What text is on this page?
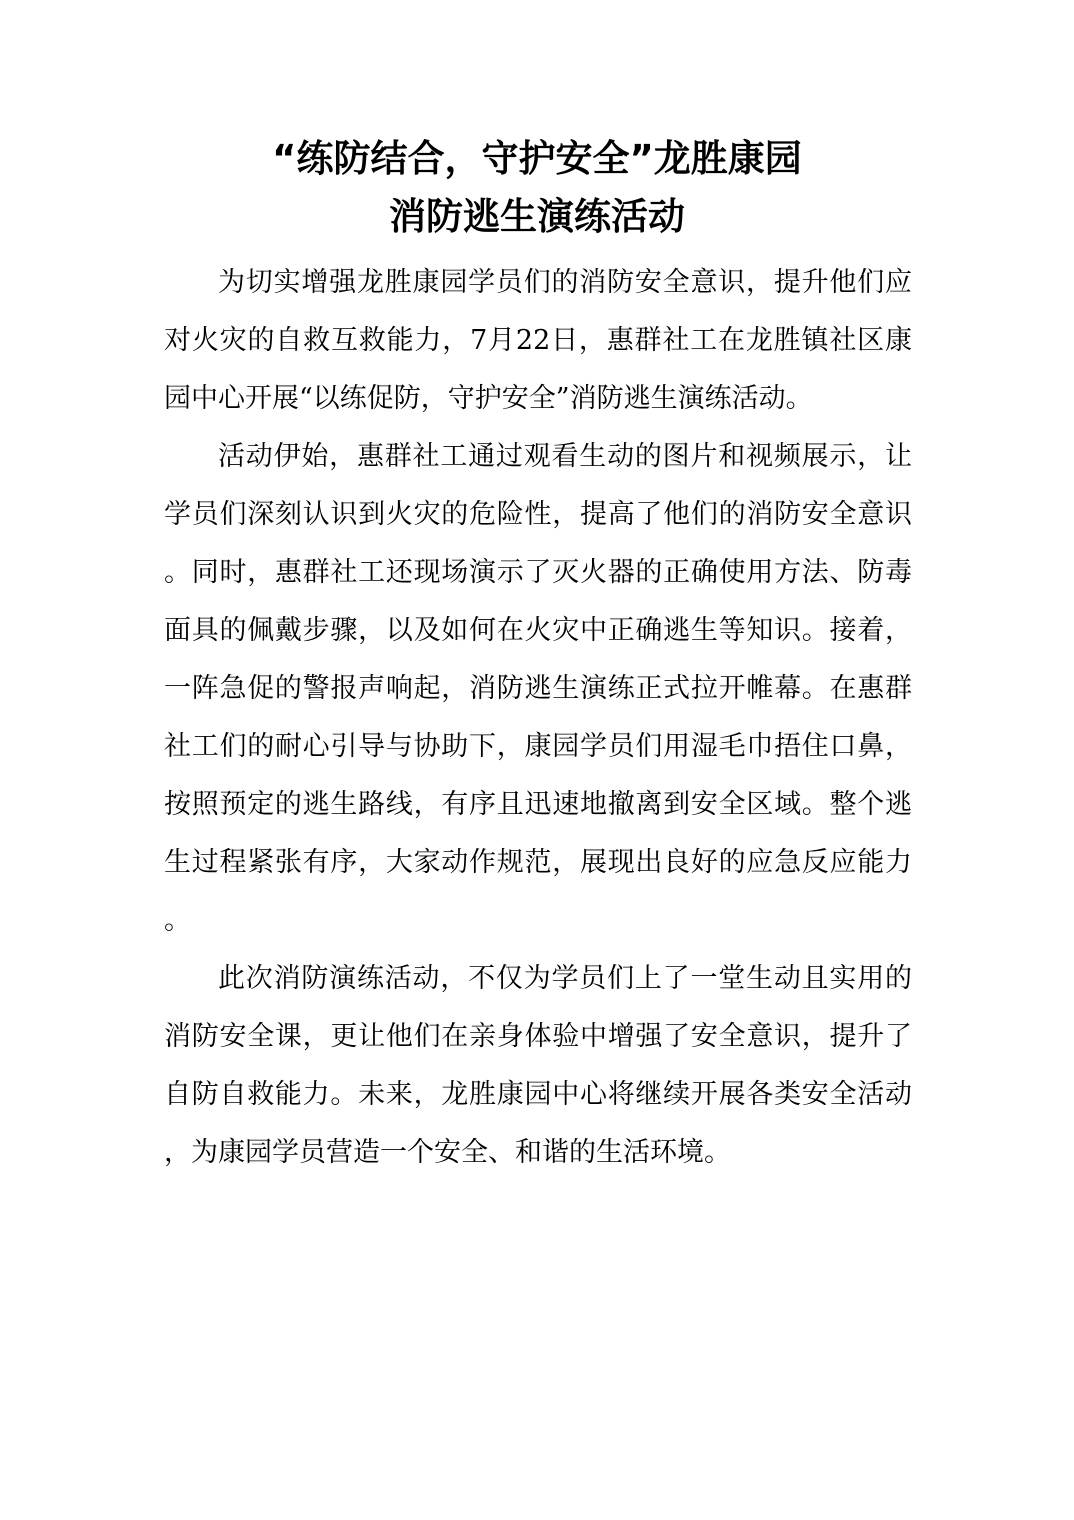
“练防结合，守护安全”龙胜康园
消防逃生演练活动

为切实增强龙胜康园学员们的消防安全意识，提升他们应对火灾的自救互救能力，7月22日，惠群社工在龙胜镇社区康园中心开展“以练促防，守护安全”消防逃生演练活动。

活动伊始，惠群社工通过观看生动的图片和视频展示，让学员们深刻认识到火灾的危险性，提高了他们的消防安全意识。同时，惠群社工还现场演示了灭火器的正确使用方法、防毒面具的佩戴步骤，以及如何在火灾中正确逃生等知识。接着，一阵急促的警报声响起，消防逃生演练正式拉开帷幕。在惠群社工们的耐心引导与协助下，康园学员们用湿毛巾捂住口鼻，按照预定的逃生路线，有序且迅速地撤离到安全区域。整个逃生过程紧张有序，大家动作规范，展现出良好的应急反应能力。

此次消防演练活动，不仅为学员们上了一堂生动且实用的消防安全课，更让他们在亲身体验中增强了安全意识，提升了自防自救能力。未来，龙胜康园中心将继续开展各类安全活动，为康园学员营造一个安全、和谐的生活环境。
